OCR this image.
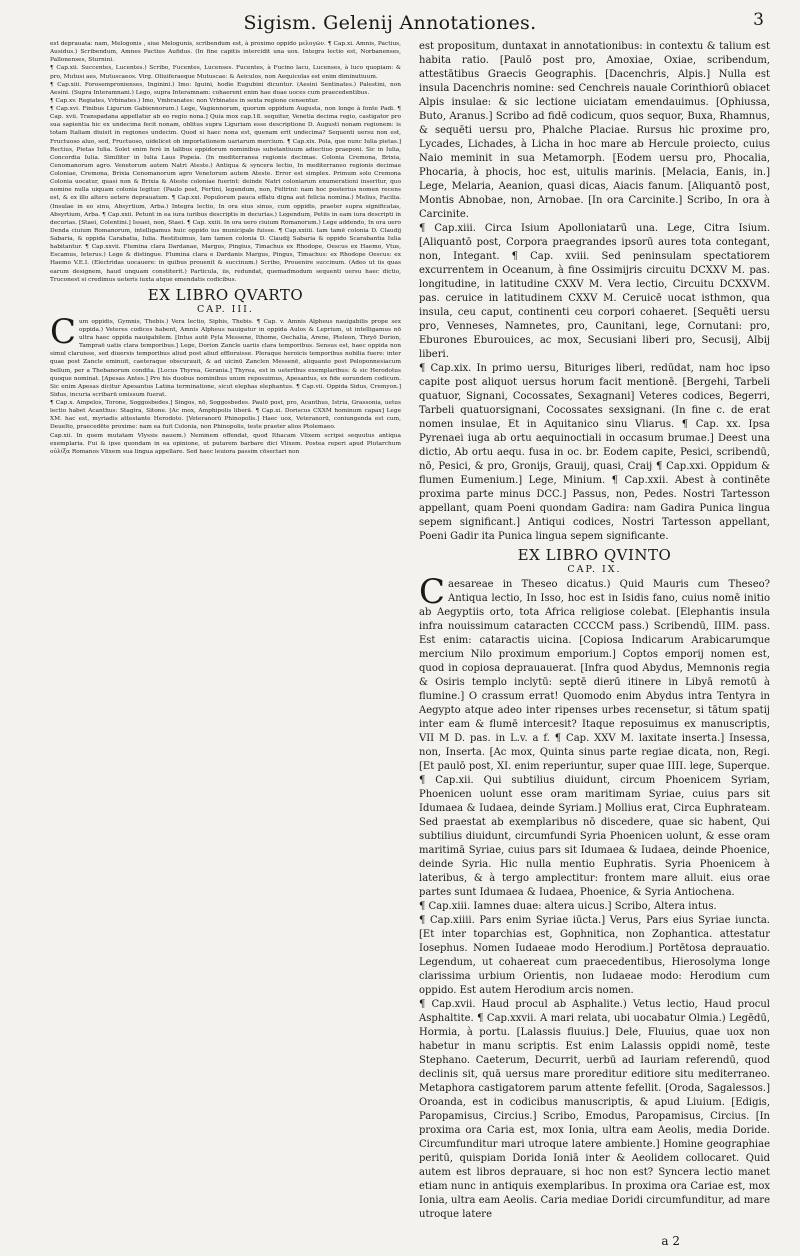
Sigism. Gelenij Annotationes.	3

est deprauata: nam, Melogonis , siue Melogunis, scribendum est, à proximo oppido μελογῶν. ¶ Cap.xi. Amnis, Pactius, Ausidus.) Scribendum, Amnes Pactius Aufidus. (In fine capitis intercidit una uox. Integra lectio est, Norbanenses, Pallonenses, Sturnini.

¶ Cap.xii. Succentes, Lucentes.) Scribo, Fucentes, Lucenses. Fucentes, à Fucino lacu, Lucenses, à luco quopiam: & pro, Mutusi aes, Mutuscaeos. Virg. Oliuiferaeque Mutuscae: & Aeiculos, non Aequicolas est enim diminutiuum.

¶ Cap.xiii. Forosempronienses, Inginini.) Imo: Iguini, hodie Eugubini dicuntur. (Aesini Sentinates.) Palestini, non Aesini. (Supra Interamnani.) Lego, supra Interamnam: cohaerent enim hae duae uoces cum praecedentibus.

¶ Cap.xv. Regiates, Vrbinates.) Imo, Vmbranates: non Vrbinates in sexta regione censentur.

¶ Cap.xvi. Finibus Ligurum Gabiennorum.) Lege, Vagiennorum, quorum oppidum Augusta, non longe à fonte Padi. ¶ Cap. xvii. Transpadana appellatur ab eo regio nona.] Quia mox cap.18. sequitur, Venetia decima regio, castigator pro sua sapientia hic ex undecima fecit nonam, oblitus supra Liguriam esse descriptione D. Augusti nonam regionem: is totam Italiam diuisit in regiones undecim. Quod si haec nona est, quenam erit undecima? Sequenti uersu non est, Fructuoso aluo, sed, Fructuoso, uidelicet ob importationem uariarum mercium. ¶ Cap.xix. Pola, que nunc Iulia pietas.] Rectius, Pietas Iulia. Solet enim ferè in talibus oppidorum nominibus substantiuum adiectiuo praeponi. Sic in Iulia, Concordia Iulia. Similiter in Iulia Laus Popeia. (In mediterranea regionis decimae. Colonia Cremona, Brixia, Cenomanorum agro. Venetorum autem Natri Ateste.) Antiqua & syncera lectio, In mediterraneo regionis decimae Coloniae, Cremona, Brixia Cenomanorum agro Venetorum autem Ateste. Error est simplex. Primum solo Cremona Colonia uocatur, quasi non & Brixia & Ateste coloniae fuerint: deinde Natri coloniarum enumerationi inseritur, quo nomine nulla uiquam colonia legitur. (Paulo post, Fertini, legendum, non, Feltrini: nam hoc posterius nomen recens est, & ex illo altero uetere deprauatum. ¶ Cap.xxi. Populorum pauca effatu digna aut felicia nomina.) Melius, Facilia. (Insulae in eo sinu, Absyrtium, Arba.) Integra lectio, In ora eius sinus, cum oppidis, praeter supra significatas, Absyrtium, Arba. ¶ Cap.xxii. Petunt in ea iura iuribus descriptis in decurias.) Legendum, Petiis in eam iura descripti in decurias. [Staei, Colentini.] Issaei, non, Staei. ¶ Cap. xxiii. In ora uero ciuium Romanorum.) Lege addendo, In ora uero Denda ciuium Romanorum, intelligamus huic oppido ius municipale fuisse. ¶ Cap.xxiiii. Iam tamē colonia D. Claudij Sabaria, & oppida Carabatia, Iulia. Restituimus, Iam tamen colonia D. Claudij Sabaria & oppido Scarabantia Iulia habitantur. ¶ Cap.xxvii. Flumina clara Dardanae, Margus, Pingius, Timachus ex Rhodope, Oescus ex Haemo, Vtus, Escamus, Ieterus.) Lege & distingue. Flumina clara e Dardanis Margus, Pingus, Timachus: ex Rhodope Oescus: ex Haemo V.E.I. (Electridas uocauere: in quibus prouenit & succinum.) Scribo, Prouenire succinum. (Adeo ut iis quas earum designem, haud unquam constiterit.) Particula, iis, redundat, quemadmodum sequenti uersu haec dictio, Truconest si credimus ueteris iuxta atque emendatis codicibus.

EX LIBRO QVARTO
CAP. III.

Cum oppidis, Gymnis, Thebis.) Vera lectio, Siphis, Thebis. ¶ Cap. v. Amnis Alpheus nauigabilis prope sex oppida.) Veteres codices habent, Amnis Alpheus nauigatur in oppida Aulos & Leprium, ut intelligamus nō ultra haec oppida nauigabilem. [Intus autē Pyla Messene, Ithome, Oechalia, Arene, Pteleon, Thryō Dorion, Tampraē uatis clara temporibus.] Lege, Dorion Zancle uariis clara temporibus. Sensus est, haec oppida non simul claruisse, sed diuersis temporibus aliud post aliud effloruisse. Pleraque heroicis temporibus nobilia fuere: inter quae post Zancle eminuit, caeteraque obscurauit, & ad uicinū Zanclen Messenē, aliquanto post Peloponnesiacum bellum, per a Thebanorum condita. [Locus Thyrea, Gerania.] Thyrea, est in ueteribus exemplaribus: & sic Herodotus quoque nominat. [Apesas Antes.] Pro his duobus nominibus unum reposuimus, Apesantus, ex fide eorundem codicum. Sic enim Apesas dicitur Apesantus Latina terminatione, sicut elephas elephantus. ¶ Cap.vii. Oppida Sidus, Cremyon.] Sidus, incuria scribarū omissum fuerat.

¶ Cap.x. Ampelos, Torone, Soggosbedes.] Singos, nō, Soggosbedes. Paulō post, pro, Acanthus, Istria, Grassonia, uetus lectio habet Acanthus: Stagira, Sitone. [Ac mox, Amphipolis liberā. ¶ Cap.xi. Doriscus CXXM hominum capax] Lege XM. hac est, myriadis attestante Herodoto. [Veteranorū Phinopolis.] Haec uox, Veteranorū, coniungenda est cum, Deuelto, praecedēte proxime: nam ea fuit Colonia, non Phinopolis, teste praeter alios Ptolemaeo.

Cap.xii. In quem mutatam Vlyssis nauem.) Neminem offendat, quod Ithacam Vlixem scripsi sequutus antiqua exemplaria. Fui & ipse quondam in ea opinione, ut putarem barbare dici Vlixem. Postea reperi apud Plutarchum οὐλίξα Romanos Vlixem sua lingua appellare. Sed haec leuiora passim cōsectari non

est propositum, duntaxat in annotationibus: in contextu & talium est habita ratio. [Paulō post pro, Amoxiae, Oxiae, scribendum, attestātibus Graecis Geographis. [Dacenchris, Alpis.] Nulla est insula Dacenchris nomine: sed Cenchreis nauale Corinthiorū obiacet Alpis insulae: & sic lectione uiciatam emendauimus. [Ophiussa, Buto, Aranus.] Scribo ad fidē codicum, quos sequor, Buxa, Rhamnus, & sequēti uersu pro, Phalche Placiae. Rursus hic proxime pro, Lycades, Lichades, à Licha in hoc mare ab Hercule proiecto, cuius Naio meminit in sua Metamorph. [Eodem uersu pro, Phocalia, Phocaria, à phocis, hoc est, uitulis marinis. [Melacia, Eanis, in.] Lege, Melaria, Aeanion, quasi dicas, Aiacis fanum. [Aliquantō post, Montis Abnobae, non, Arnobae. [In ora Carcinite.] Scribo, In ora à Carcinite.

¶ Cap.xiii. Circa Isium Apolloniatarū una. Lege, Citra Isium. [Aliquantō post, Corpora praegrandes ipsorū aures tota contegant, non, Integant. ¶ Cap. xviii. Sed peninsulam spectatiorem excurrentem in Oceanum, à fine Ossimijris circuitu DCXXV M. pas. longitudine, in latitudine CXXV M. Vera lectio, Circuitu DCXXVM. pas. ceruice in latitudinem CXXV M. Ceruicē uocat isthmon, qua insula, ceu caput, continenti ceu corpori cohaeret. [Sequēti uersu pro, Venneses, Namnetes, pro, Caunitani, lege, Cornutani: pro, Eburones Eburouices, ac mox, Secusiani liberi pro, Secusij, Albij liberi.

¶ Cap.xix. In primo uersu, Bituriges liberi, redūdat, nam hoc ipso capite post aliquot uersus horum facit mentionē. [Bergehi, Tarbeli quatuor, Signani, Cocossates, Sexagnani] Veteres codices, Begerri, Tarbeli quatuorsignani, Cocossates sexsignani. (In fine c. de erat nomen insulae, Et in Aquitanico sinu Vliarus. ¶ Cap. xx. Ipsa Pyrenaei iuga ab ortu aequinoctiali in occasum brumae.] Deest una dictio, Ab ortu aequ. fusa in oc. br. Eodem capite, Pesici, scribendū, nō, Pesici, & pro, Gronijs, Grauij, quasi, Craij ¶ Cap.xxi. Oppidum & flumen Eumenium.] Lege, Minium. ¶ Cap.xxii. Abest à continēte proxima parte minus DCC.] Passus, non, Pedes. Nostri Tartesson appellant, quam Poeni quondam Gadira: nam Gadira Punica lingua sepem significant.] Antiqui codices, Nostri Tartesson appellant, Poeni Gadir ita Punica lingua sepem significante.

EX LIBRO QVINTO
CAP. IX.

Caesareae in Theseo dicatus.) Quid Mauris cum Theseo? Antiqua lectio, In Isso, hoc est in Isidis fano, cuius nomē initio ab Aegyptiis orto, tota Africa religiose colebat. [Elephantis insula infra nouissimum cataracten CCCCM pass.) Scribendū, IIIM. pass. Est enim: cataractis uicina. [Copiosa Indicarum Arabicarumque mercium Nilo proximum emporium.] Coptos emporij nomen est, quod in copiosa deprauauerat. [Infra quod Abydus, Memnonis regia & Osiris templo inclytū: septē dierū itinere in Libyā remotū à flumine.] O crassum errat! Quomodo enim Abydus intra Tentyra in Aegypto atque adeo inter ripenses urbes recensetur, si tātum spatij inter eam & flumē intercesit? Itaque reposuimus ex manuscriptis, VII M D. pas. in L.v. a f. ¶ Cap. XXV M. laxitate inserta.] Insessa, non, Inserta. [Ac mox, Quinta sinus parte regiae dicata, non, Regi. [Et paulō post, XI. enim reperiuntur, super quae IIII. lege, Superque. ¶ Cap.xii. Qui subtilius diuidunt, circum Phoenicem Syriam, Phoenicen uolunt esse oram maritimam Syriae, cuius pars sit Idumaea & Iudaea, deinde Syriam.] Mollius erat, Circa Euphrateam. Sed praestat ab exemplaribus nō discedere, quae sic habent, Qui subtilius diuidunt, circumfundi Syria Phoenicen uolunt, & esse oram maritimā Syriae, cuius pars sit Idumaea & Iudaea, deinde Phoenice, deinde Syria. Hic nulla mentio Euphratis. Syria Phoenicem à lateribus, & à tergo amplectitur: frontem mare alluit. eius orae partes sunt Idumaea & Iudaea, Phoenice, & Syria Antiochena.

¶ Cap.xiii. Iamnes duae: altera uicus.] Scribo, Altera intus.

¶ Cap.xiiii. Pars enim Syriae iūcta.] Verus, Pars eius Syriae iuncta. [Et inter toparchias est, Gophnitica, non Zophantica. attestatur Iosephus. Nomen Iudaeae modo Herodium.] Portētosa deprauatio. Legendum, ut cohaereat cum praecedentibus, Hierosolyma longe clarissima urbium Orientis, non Iudaeae modo: Herodium cum oppido. Est autem Herodium arcis nomen.

¶ Cap.xvii. Haud procul ab Asphalite.) Vetus lectio, Haud procul Asphaltite. ¶ Cap.xxvii. A mari relata, ubi uocabatur Olmia.) Legēdū, Hormia, à portu. [Lalassis fluuius.] Dele, Fluuius, quae uox non habetur in manu scriptis. Est enim Lalassis oppidi nomē, teste Stephano. Caeterum, Decurrit, uerbū ad Iauriam referendū, quod declinis sit, quā uersus mare proreditur editiore situ mediterraneo. Metaphora castigatorem parum attente fefellit. [Oroda, Sagalessos.] Oroanda, est in codicibus manuscriptis, & apud Liuium. [Edigis, Paropamisus, Circius.] Scribo, Emodus, Paropamisus, Circius. [In proxima ora Caria est, mox Ionia, ultra eam Aeolis, media Doride. Circumfunditur mari utroque latere ambiente.] Homine geographiae peritū, quispiam Dorida Ioniā inter & Aeolidem collocaret. Quid autem est libros deprauare, si hoc non est? Syncera lectio manet etiam nunc in antiquis exemplaribus. In proxima ora Cariae est, mox Ionia, ultra eam Aeolis. Caria mediae Doridi circumfunditur, ad mare utroque latere

a 2
